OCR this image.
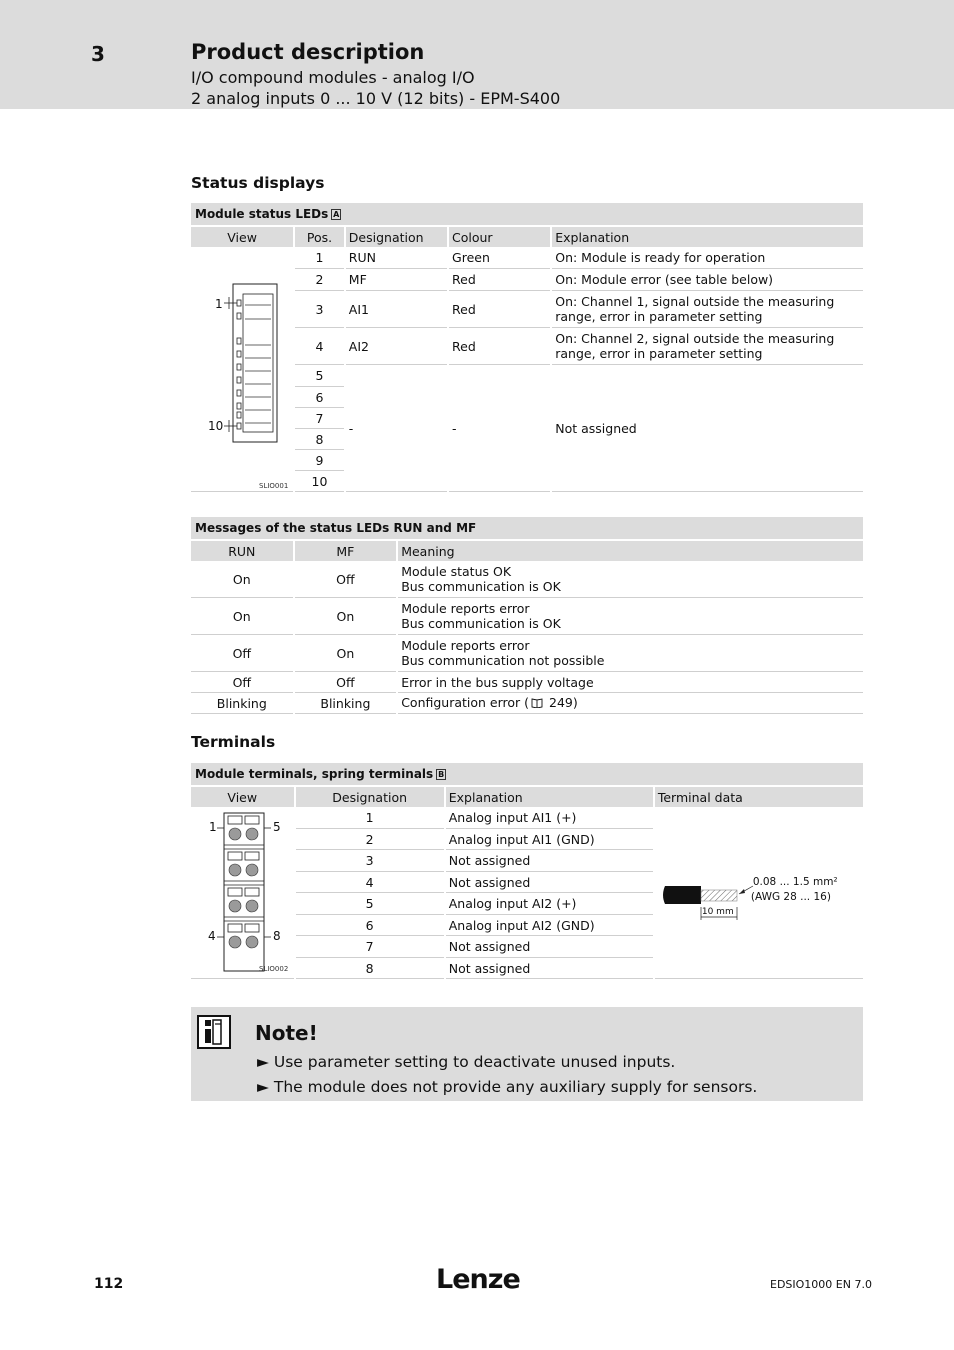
3	Product description
I/O compound modules - analog I/O
2 analog inputs 0 ... 10 V (12 bits) - EPM-S400
Status displays
Module status LEDs A
View	Pos.	Designation	Colour	Explanation

1
10
SLIO001	1	RUN	Green	On: Module is ready for operation
	2	MF	Red	On: Module error (see table below)
	3	AI1	Red	On: Channel 1, signal outside the measuring range, error in parameter setting
	4	AI2	Red	On: Channel 2, signal outside the measuring range, error in parameter setting
	5	-	-	Not assigned
	6			
	7			
	8			
	9			
	10			
Messages of the status LEDs RUN and MF
RUN	MF	Meaning
On	Off	Module status OK
Bus communication is OK

On	On	Module reports error
Bus communication is OK

Off	On	Module reports error
Bus communication not possible

Off	Off	Error in the bus supply voltage
Blinking	Blinking	Configuration error ( 249)
Terminals
Module terminals, spring terminals B
View	Designation	Explanation	Terminal data

1 5
4 8
SLIO002	1	Analog input AI1 (+)	0.08 ... 1.5 mm²
(AWG 28 ... 16)
10 mm

	2	Analog input AI1 (GND)	
	3	Not assigned	
	4	Not assigned	
	5	Analog input AI2 (+)	
	6	Analog input AI2 (GND)	
	7	Not assigned	
	8	Not assigned	
Note!
► Use parameter setting to deactivate unused inputs.
► The module does not provide any auxiliary supply for sensors.
112	Lenze	EDSIO1000 EN 7.0
